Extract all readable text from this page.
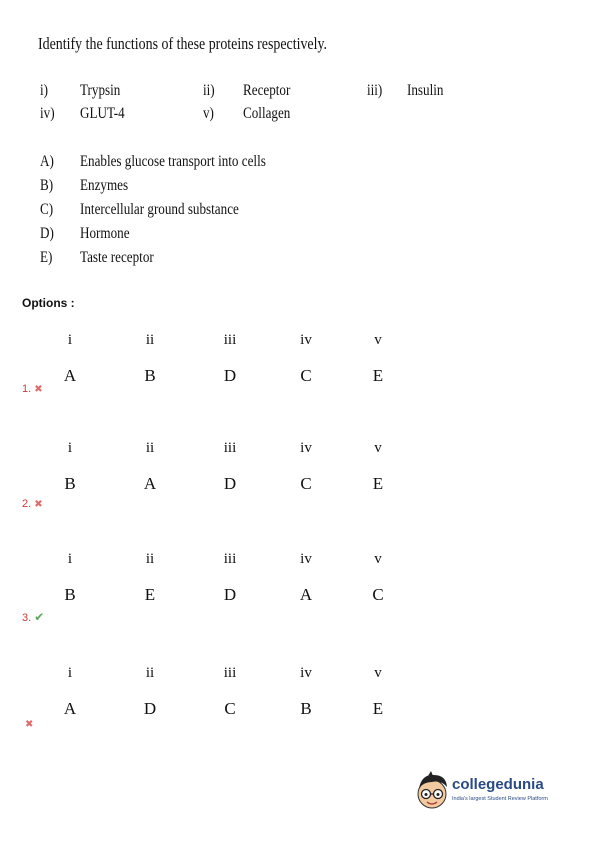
Identify the functions of these proteins respectively.
i) Trypsin	ii) Receptor	iii) Insulin
iv) GLUT-4	v) Collagen
A) Enables glucose transport into cells
B) Enzymes
C) Intercellular ground substance
D) Hormone
E) Taste receptor
Options :
i	ii	iii	iv	v
A	B	D	C	E
1. ✖
i	ii	iii	iv	v
B	A	D	C	E
2. ✖
i	ii	iii	iv	v
B	E	D	A	C
3. ✔
i	ii	iii	iv	v
A	D	C	B	E
✖
collegedunia
India's largest Student Review Platform
